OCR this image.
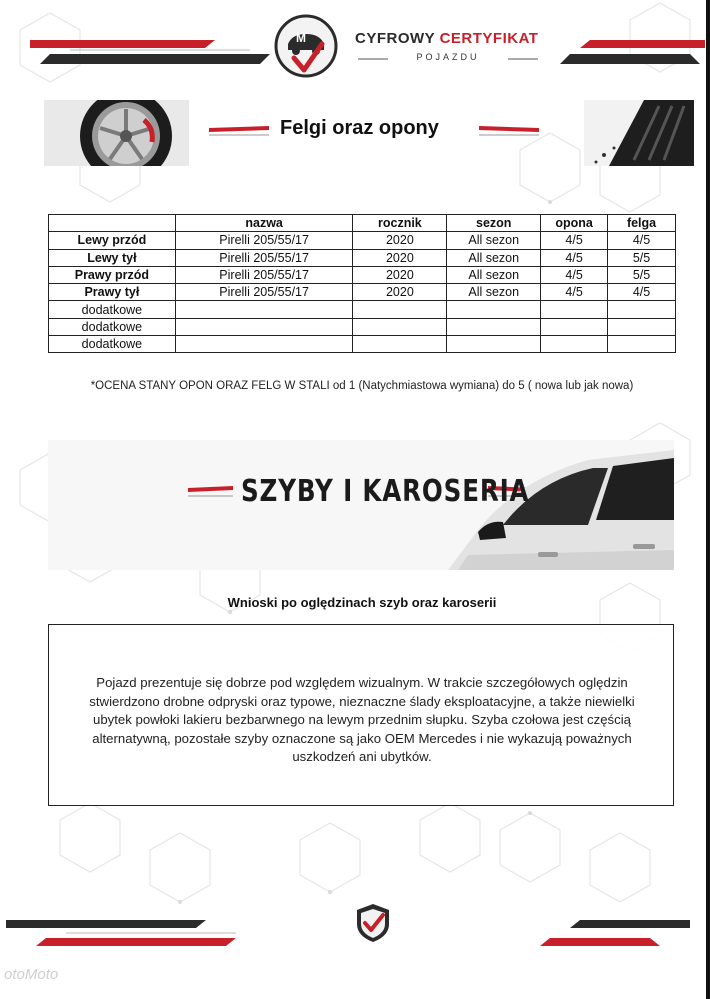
M	CYFROWY CERTYFIKAT
POJAZDU
Felgi oraz opony
	nazwa	rocznik	sezon	opona	felga
Lewy przód	Pirelli 205/55/17	2020	All sezon	4/5	4/5
Lewy tył	Pirelli 205/55/17	2020	All sezon	4/5	5/5
Prawy przód	Pirelli 205/55/17	2020	All sezon	4/5	5/5
Prawy tył	Pirelli 205/55/17	2020	All sezon	4/5	4/5
dodatkowe					
dodatkowe					
dodatkowe					
*OCENA STANY OPON ORAZ FELG W STALI od 1 (Natychmiastowa wymiana) do 5 ( nowa lub jak nowa)
SZYBY I KAROSERIA
Wnioski po oględzinach szyb oraz karoserii

Pojazd prezentuje się dobrze pod względem wizualnym. W trakcie szczegółowych oględzin stwierdzono drobne odpryski oraz typowe, nieznaczne ślady eksploatacyjne, a także niewielki ubytek powłoki lakieru bezbarwnego na lewym przednim słupku. Szyba czołowa jest częścią alternatywną, pozostałe szyby oznaczone są jako OEM Mercedes i nie wykazują poważnych uszkodzeń ani ubytków.

otoMoto
